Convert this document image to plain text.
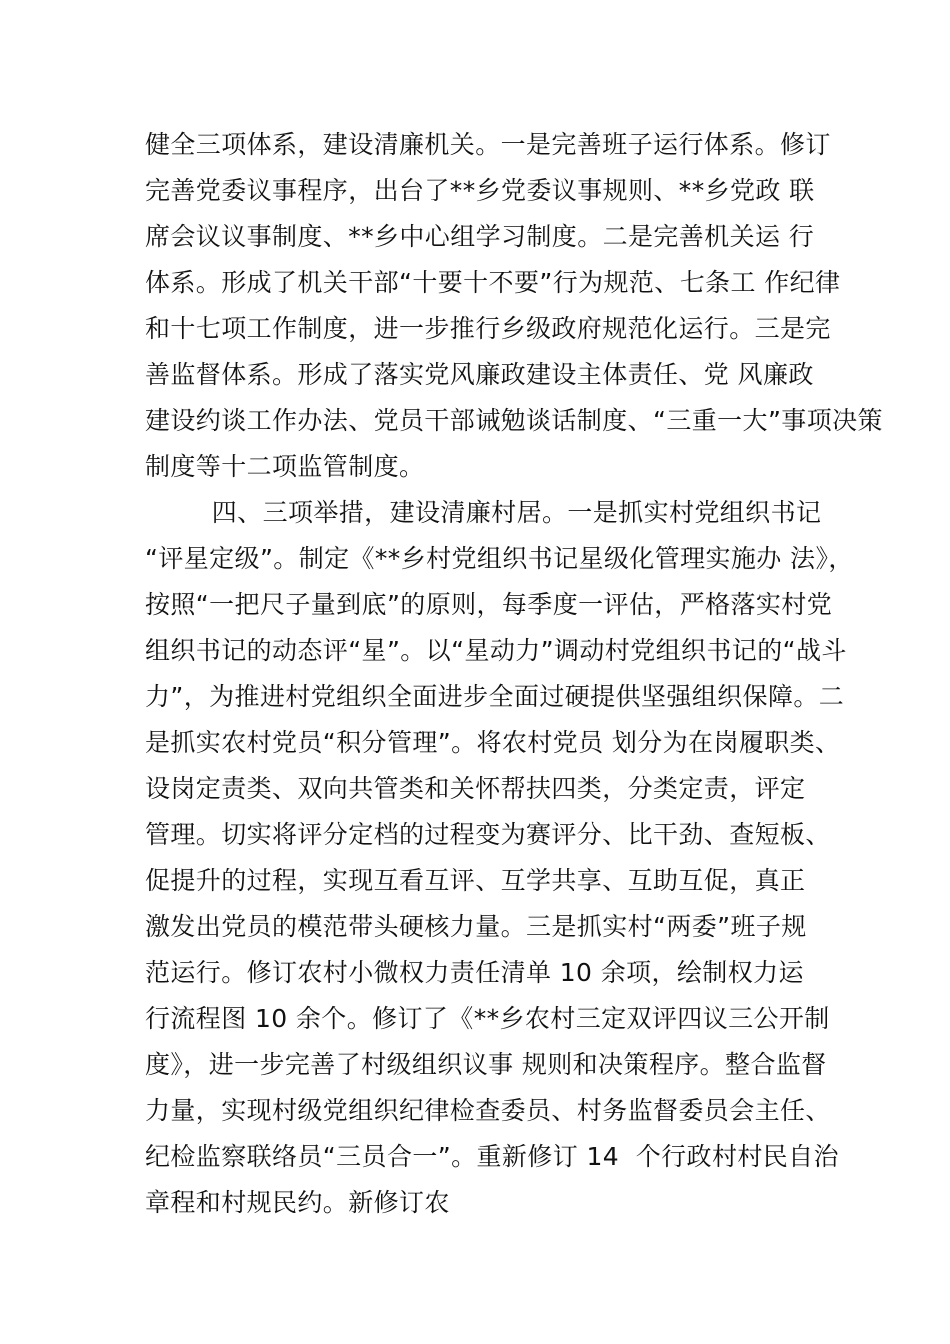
健全三项体系，建设清廉机关。一是完善班子运行体系。修订
完善党委议事程序，出台了**乡党委议事规则、**乡党政 联
席会议议事制度、**乡中心组学习制度。二是完善机关运 行
体系。形成了机关干部“十要十不要”行为规范、七条工 作纪律
和十七项工作制度，进一步推行乡级政府规范化运行。三是完
善监督体系。形成了落实党风廉政建设主体责任、党 风廉政
建设约谈工作办法、党员干部诫勉谈话制度、“三重一大”事项决策
制度等十二项监管制度。
四、三项举措，建设清廉村居。一是抓实村党组织书记
“评星定级”。制定《**乡村党组织书记星级化管理实施办 法》，
按照“一把尺子量到底”的原则，每季度一评估，严格落实村党
组织书记的动态评“星”。以“星动力”调动村党组织书记的“战斗
力”，为推进村党组织全面进步全面过硬提供坚强组织保障。二
是抓实农村党员“积分管理”。将农村党员 划分为在岗履职类、
设岗定责类、双向共管类和关怀帮扶四类，分类定责，评定
管理。切实将评分定档的过程变为赛评分、比干劲、查短板、
促提升的过程，实现互看互评、互学共享、互助互促，真正
激发出党员的模范带头硬核力量。三是抓实村“两委”班子规
范运行。修订农村小微权力责任清单 10 余项，绘制权力运
行流程图 10 余个。修订了《**乡农村三定双评四议三公开制
度》，进一步完善了村级组织议事 规则和决策程序。整合监督
力量，实现村级党组织纪律检查委员、村务监督委员会主任、
纪检监察联络员“三员合一”。重新修订 14  个行政村村民自治
章程和村规民约。新修订农
